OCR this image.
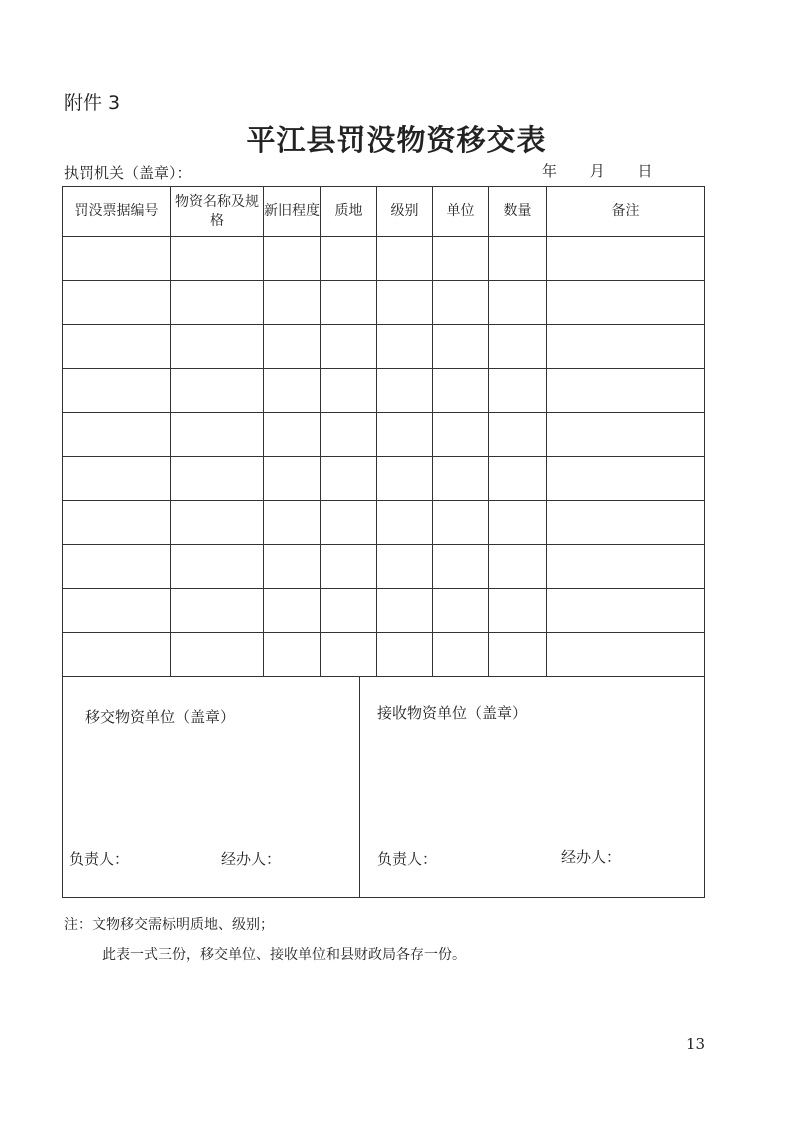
附件 3
平江县罚没物资移交表
执罚机关（盖章）：	年 月 日
罚没票据编号	物资名称及规格	新旧程度	质地	级别	单位	数量	备注

移交物资单位（盖章）
负责人：	经办人：
接收物资单位（盖章）
负责人：	经办人：
注：文物移交需标明质地、级别；
此表一式三份，移交单位、接收单位和县财政局各存一份。
13
